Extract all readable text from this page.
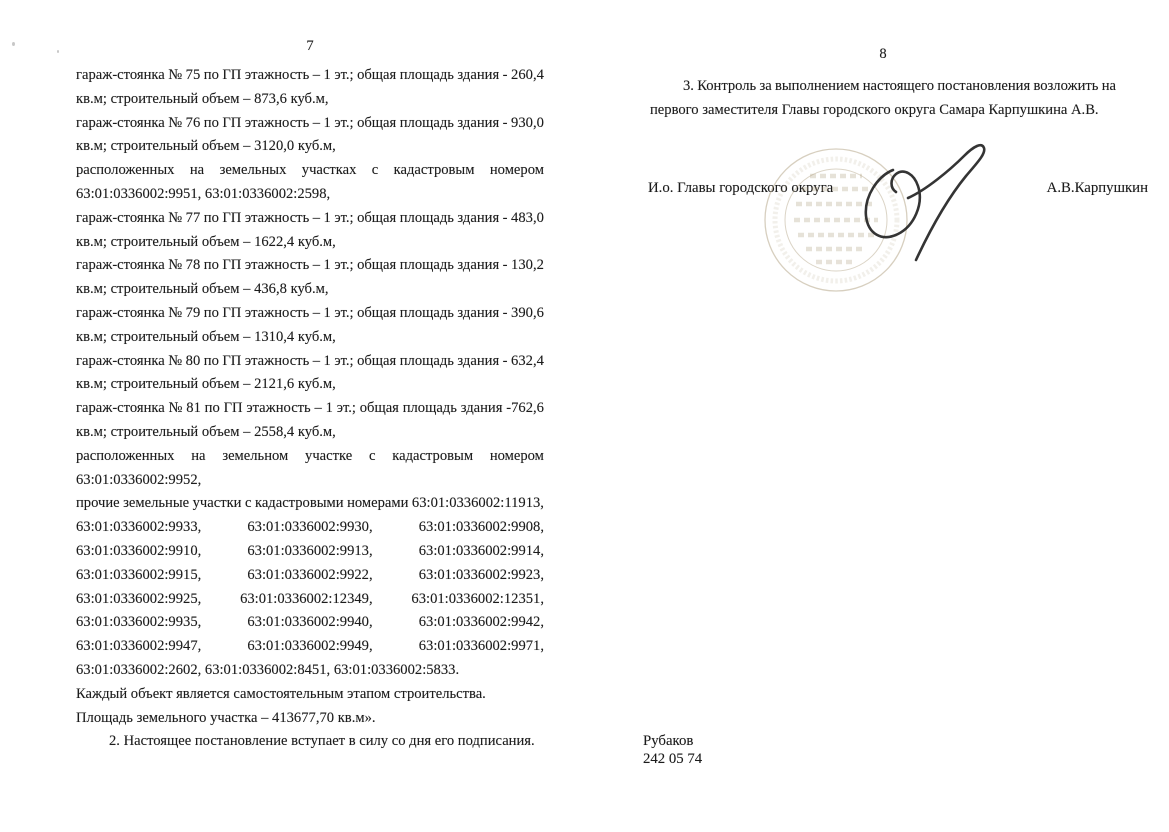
7
гараж-стоянка № 75 по ГП этажность – 1 эт.; общая площадь здания - 260,4
кв.м; строительный объем – 873,6 куб.м,
гараж-стоянка № 76 по ГП этажность – 1 эт.; общая площадь здания - 930,0
кв.м; строительный объем – 3120,0 куб.м,
расположенных на земельных участках с кадастровым номером
63:01:0336002:9951, 63:01:0336002:2598,
гараж-стоянка № 77 по ГП этажность – 1 эт.; общая площадь здания - 483,0
кв.м; строительный объем – 1622,4 куб.м,
гараж-стоянка № 78 по ГП этажность – 1 эт.; общая площадь здания - 130,2
кв.м; строительный объем – 436,8 куб.м,
гараж-стоянка № 79 по ГП этажность – 1 эт.; общая площадь здания - 390,6
кв.м; строительный объем – 1310,4 куб.м,
гараж-стоянка № 80 по ГП этажность – 1 эт.; общая площадь здания - 632,4
кв.м; строительный объем – 2121,6 куб.м,
гараж-стоянка № 81 по ГП этажность – 1 эт.; общая площадь здания -762,6
кв.м; строительный объем – 2558,4 куб.м,
расположенных на земельном участке с кадастровым номером
63:01:0336002:9952,
прочие земельные участки с кадастровыми номерами 63:01:0336002:11913,
63:01:0336002:9933,	63:01:0336002:9930,	63:01:0336002:9908,
63:01:0336002:9910,	63:01:0336002:9913,	63:01:0336002:9914,
63:01:0336002:9915,	63:01:0336002:9922,	63:01:0336002:9923,
63:01:0336002:9925,	63:01:0336002:12349,	63:01:0336002:12351,
63:01:0336002:9935,	63:01:0336002:9940,	63:01:0336002:9942,
63:01:0336002:9947,	63:01:0336002:9949,	63:01:0336002:9971,
63:01:0336002:2602, 63:01:0336002:8451, 63:01:0336002:5833.
Каждый объект является самостоятельным этапом строительства.
Площадь земельного участка – 413677,70 кв.м».
2. Настоящее постановление вступает в силу со дня его подписания.
8
3. Контроль за выполнением настоящего постановления возложить на
первого заместителя Главы городского округа Самара Карпушкина А.В.
И.о. Главы городского округа	А.В.Карпушкин
Рубаков
242 05 74
